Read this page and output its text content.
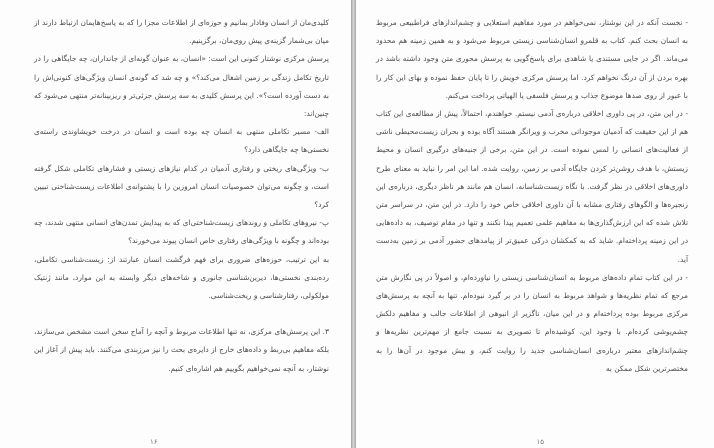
کلیدی‌مان از انسان وفادار بمانیم و حوزه‌ای از اطلاعات مجزا را که به پاسخ‌هایمان ارتباط دارند از میان بی‌شمار گزینه‌ی پیش روی‌مان، برگزینیم.

پرسش مرکزی نوشتار کنونی این است: «انسان، به عنوان گونه‌ای از جانداران، چه جایگاهی را در تاریخ تکامل زندگی بر زمین اشغال می‌کند؟» و چه شد که گونه‌ی انسان ویژگی‌های کنونی‌اش را به دست آورده است؟». این پرسش کلیدی به سه پرسش جزئی‌تر و ریزبینانه‌تر منتهی می‌شود که چنین‌اند:

الف- مسیر تکاملی منتهی به انسان چه بوده است و انسان در درخت خویشاوندی راسته‌ی نخستی‌ها چه جایگاهی دارد؟

ب- ویژگی‌های ریختی و رفتاری آدمیان در کدام نیازهای زیستی و فشارهای تکاملی شکل گرفته است، و چگونه می‌توان خصوصیات انسان امروزین را با پشتوانه‌ی اطلاعات زیست‌شناختی تبیین کرد؟

پ- نیروهای تکاملی و روندهای زیست‌شناختی‌ای که به پیدایش تمدن‌های انسانی منتهی شدند، چه بوده‌اند و چگونه با ویژگی‌های رفتاری خاص انسان پیوند می‌خورند؟

به این ترتیب، حوزه‌های ضروری برای فهم فرگشت انسان عبارتند از: زیست‌شناسی تکاملی، رده‌بندی نخستی‌ها، دیرین‌شناسی جانوری و شاخه‌های دیگر وابسته به این موارد، مانند ژنتیک مولکولی، رفتارشناسی و ریخت‌شناسی.

۳. این پرسش‌های مرکزی، نه تنها اطلاعات مربوط و آنچه را آماج سخن است مشخص می‌سازند، بلکه مفاهیم بی‌ربط و داده‌های خارج از دایره‌ی بحث را نیز مرزبندی می‌کنند. باید پیش از آغاز این نوشتار، به آنچه نمی‌خواهیم بگوییم هم اشاره‌ای کنیم.

۱۶

- نخست آنکه در این نوشتار، نمی‌خواهم در مورد مفاهیم استعلایی و چشم‌اندازهای فراطبیعی مربوط به انسان بحث کنم. کتاب به قلمرو انسان‌شناسی زیستی مربوط می‌شود و به همین زمینه هم محدود می‌ماند. اگر در جایی مستندی یا شاهدی برای پاسخ‌گویی به پرسش محوری متن وجود داشته باشد در بهره بردن از آن درنگ نخواهم کرد. اما پرسش مرکزی خویش را تا پایان حفظ نموده و بهای این کار را با عبور از روی صدها موضوع جذاب و پرسش فلسفی یا الهیاتی پرداخت می‌کنم.

- در این متن، در پی داوری اخلاقی درباره‌ی آدمی نیستم. خواهندم، احتمالاً، پیش از مطالعه‌ی این کتاب هم از این حقیقت که آدمیان موجوداتی مخرب و ویرانگر هستند آگاه بوده و بحران زیست‌محیطی ناشی از فعالیت‌های انسانی را لمس نموده است. در این متن، برخی از جنبه‌های درگیری انسان و محیط زیستش، با هدف روشن‌تر کردن جایگاه آدمی بر زمین، روایت شده. اما این امر را نباید به معنای طرح داوری‌های اخلاقی در نظر گرفت. با نگاه زیست‌شناسانه، انسان هم مانند هر ناظر دیگری، درباره‌ی این زنجیره‌ها و الگوهای رفتاری مشابه با آن داوری اخلاقی خاص خود را دارد. در این متن، در سراسر متن تلاش شده که این ارزش‌گذاری‌ها به مفاهیم علمی تعمیم پیدا نکنند و تنها در مقام توصیف، به داده‌هایی در این زمینه پرداخته‌ام. شاید که به کمکشان درکی عمیق‌تر از پیامدهای حضور آدمی بر زمین به‌دست آید.

- در این کتاب تمام داده‌های مربوط به انسان‌شناسی زیستی را نیاورده‌ام، و اصولاً در پی نگارش متن مرجع که تمام نظریه‌ها و شواهد مربوط به انسان را در بر گیرد نبوده‌ام. تنها به آنچه به پرسش‌های مرکزی مربوط بوده پرداخته‌ام و در این میان، ناگزیر از انبوهی از اطلاعات جالب و مفاهیم دلکش چشم‌پوشی کرده‌ام. با وجود این، کوشیده‌ام تا تصویری به نسبت جامع از مهم‌ترین نظریه‌ها و چشم‌اندازهای معتبر درباره‌ی انسان‌شناسی جدید را روایت کنم، و بیش موجود در آن‌ها را به مختصرترین شکل ممکن به

۱۵
